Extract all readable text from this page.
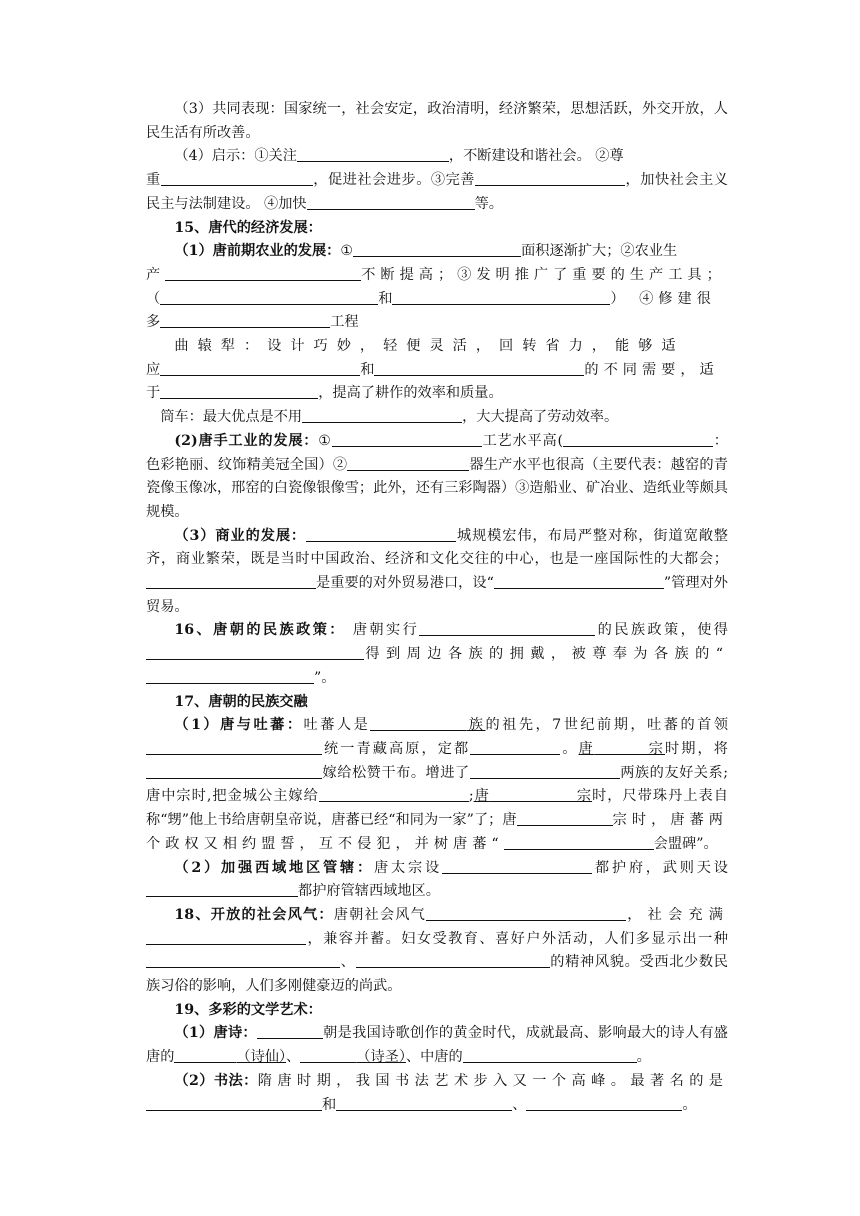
（3）共同表现：国家统一，社会安定，政治清明，经济繁荣，思想活跃，外交开放，人民生活有所改善。

（4）启示：①关注	，不断建设和谐社会。 ②尊
重	，促进社会进步。③完善	，加快社会主义民主与法制建设。 ④加快	等。

15、唐代的经济发展：

（1）唐前期农业的发展：①	面积逐渐扩大；②农业生
产	不断提高；③发明推广了重要的生产工具；
（	和	） ④修建很
多	工程

曲辕犁：设计巧妙，轻便灵活，回转省力，能够适
应	和	的不同需要，适
于	，提高了耕作的效率和质量。

筒车：最大优点是不用	，大大提高了劳动效率。

(2)唐手工业的发展：①	工艺水平高(	：色彩艳丽、纹饰精美冠全国）②	器生产水平也很高（主要代表：越窑的青瓷像玉像冰，邢窑的白瓷像银像雪；此外，还有三彩陶器）③造船业、矿冶业、造纸业等颇具规模。

（3）商业的发展：	城规模宏伟，布局严整对称，街道宽敞整齐，商业繁荣，既是当时中国政治、经济和文化交往的中心，也是一座国际性的大都会；是重要的对外贸易港口，设“	”管理对外贸易。

16、唐朝的民族政策： 唐朝实行	的民族政策，使得得到周边各族的拥戴，被尊奉为各族的“”。

17、唐朝的民族交融

（1）唐与吐蕃：吐蕃人是	族的祖先，7世纪前期，吐蕃的首领统一青藏高原，定都	。唐	宗时期，将嫁给松赞干布。增进了	两族的友好关系;唐中宗时,把金城公主嫁给	;唐	宗时，尺带珠丹上表自称“甥”他上书给唐朝皇帝说，唐蕃已经“和同为一家”了；唐	宗时，唐蕃两个政权又相约盟誓，互不侵犯，并树唐蕃“	会盟碑”。

（2）加强西域地区管辖：唐太宗设	都护府，武则天设都护府管辖西域地区。

18、开放的社会风气：唐朝社会风气	，社会充满，兼容并蓄。妇女受教育、喜好户外活动，人们多显示出一种、	的精神风貌。受西北少数民族习俗的影响，人们多刚健豪迈的尚武。

19、多彩的文学艺术：

（1）唐诗：	朝是我国诗歌创作的黄金时代，成就最高、影响最大的诗人有盛唐的	（诗仙）、	（诗圣）、中唐的	。

（2）书法：隋唐时期，我国书法艺术步入又一个高峰。最著名的是和	、	。
